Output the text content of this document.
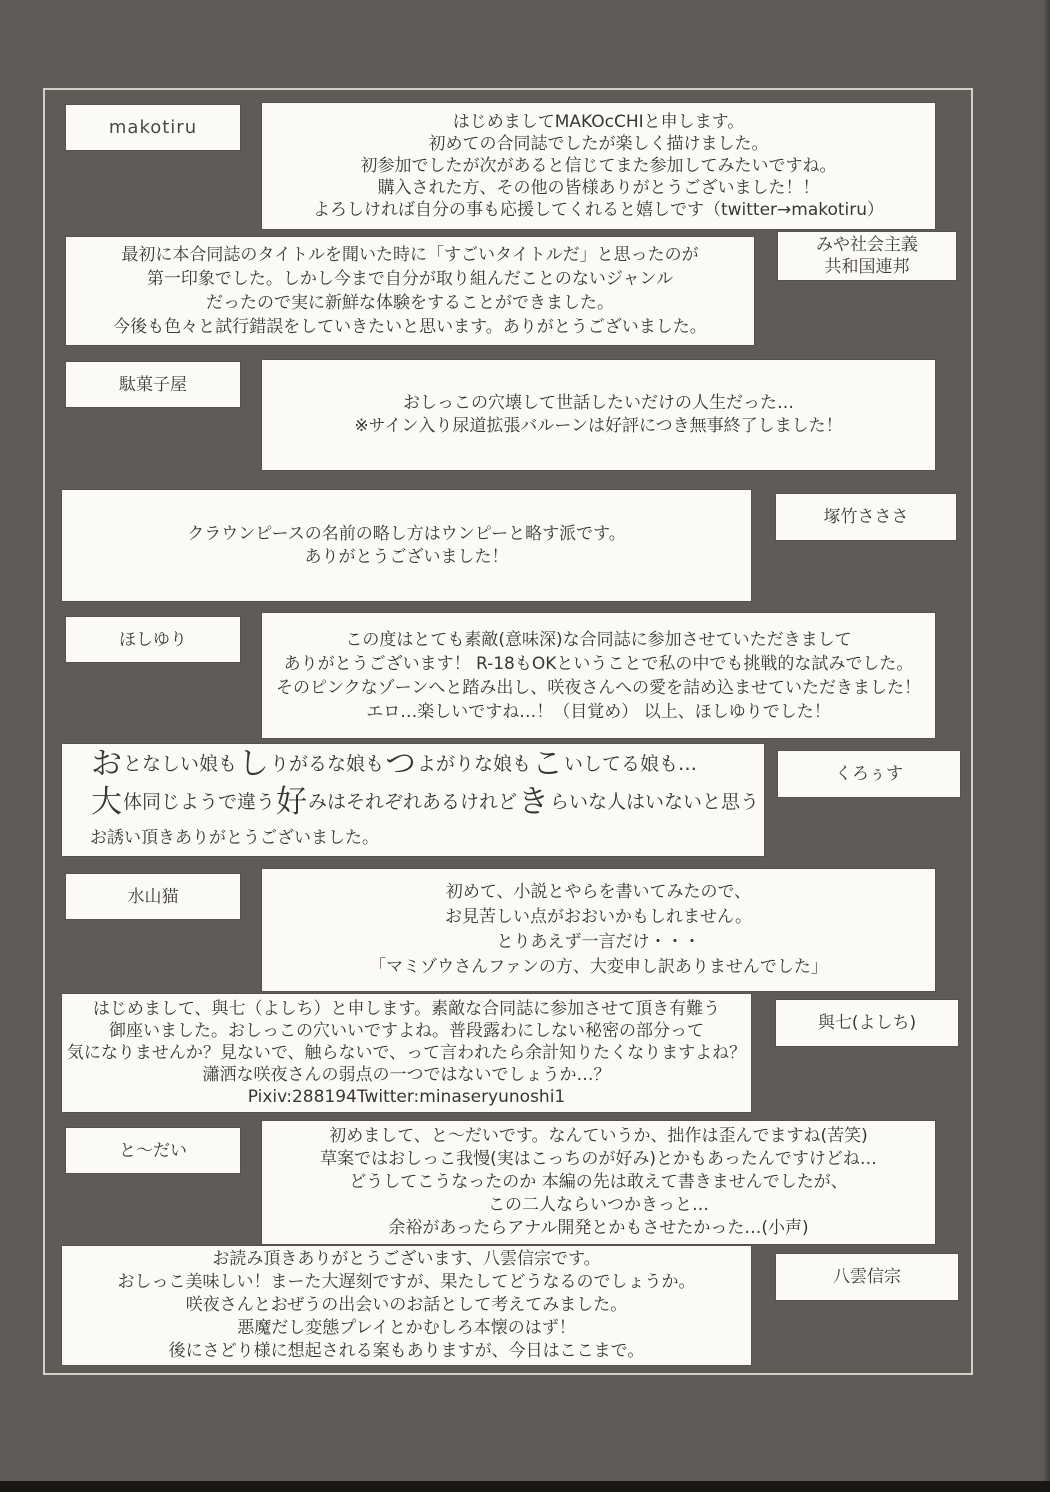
makotiru	はじめましてMAKOcCHIと申します。
初めての合同誌でしたが楽しく描けました。
初参加でしたが次があると信じてまた参加してみたいですね。
購入された方、その他の皆様ありがとうございました！！
よろしければ自分の事も応援してくれると嬉しです（twitter→makotiru）
最初に本合同誌のタイトルを聞いた時に「すごいタイトルだ」と思ったのが
第一印象でした。しかし今まで自分が取り組んだことのないジャンル
だったので実に新鮮な体験をすることができました。
今後も色々と試行錯誤をしていきたいと思います。ありがとうございました。
みや社会主義
共和国連邦
駄菓子屋
おしっこの穴壊して世話したいだけの人生だった…
※サイン入り尿道拡張バルーンは好評につき無事終了しました！
クラウンピースの名前の略し方はウンピーと略す派です。
ありがとうございました！
塚竹さささ
ほしゆり	この度はとても素敵(意味深)な合同誌に参加させていただきまして
ありがとうございます！ R-18もOKということで私の中でも挑戦的な試みでした。
そのピンクなゾーンへと踏み出し、咲夜さんへの愛を詰め込ませていただきました！
エロ…楽しいですね…！（目覚め） 以上、ほしゆりでした！
お となしい娘も し りがるな娘も つ よがりな娘も こ いしてる娘も…
大 体同じようで違う 好 みはそれぞれあるけれど き らいな人はいないと思う
お誘い頂きありがとうございました。
くろぅす
水山猫	初めて、小説とやらを書いてみたので、
お見苦しい点がおおいかもしれません。
とりあえず一言だけ・・・
「マミゾウさんファンの方、大変申し訳ありませんでした」
はじめまして、與七（よしち）と申します。素敵な合同誌に参加させて頂き有難う
御座いました。おしっこの穴いいですよね。普段露わにしない秘密の部分って
気になりませんか？見ないで、触らないで、って言われたら余計知りたくなりますよね？
瀟洒な咲夜さんの弱点の一つではないでしょうか…？
Pixiv:288194Twitter:minaseryunoshi1
與七(よしち)
と〜だい
初めまして、と〜だいです。なんていうか、拙作は歪んでますね(苦笑)
草案ではおしっこ我慢(実はこっちのが好み)とかもあったんですけどね…
どうしてこうなったのか 本編の先は敢えて書きませんでしたが、
この二人ならいつかきっと…
余裕があったらアナル開発とかもさせたかった…(小声)
お読み頂きありがとうございます、八雲信宗です。
おしっこ美味しい！まーた大遅刻ですが、果たしてどうなるのでしょうか。
咲夜さんとおぜうの出会いのお話として考えてみました。
悪魔だし変態プレイとかむしろ本懐のはず！
後にさどり様に想起される案もありますが、今日はここまで。
八雲信宗
